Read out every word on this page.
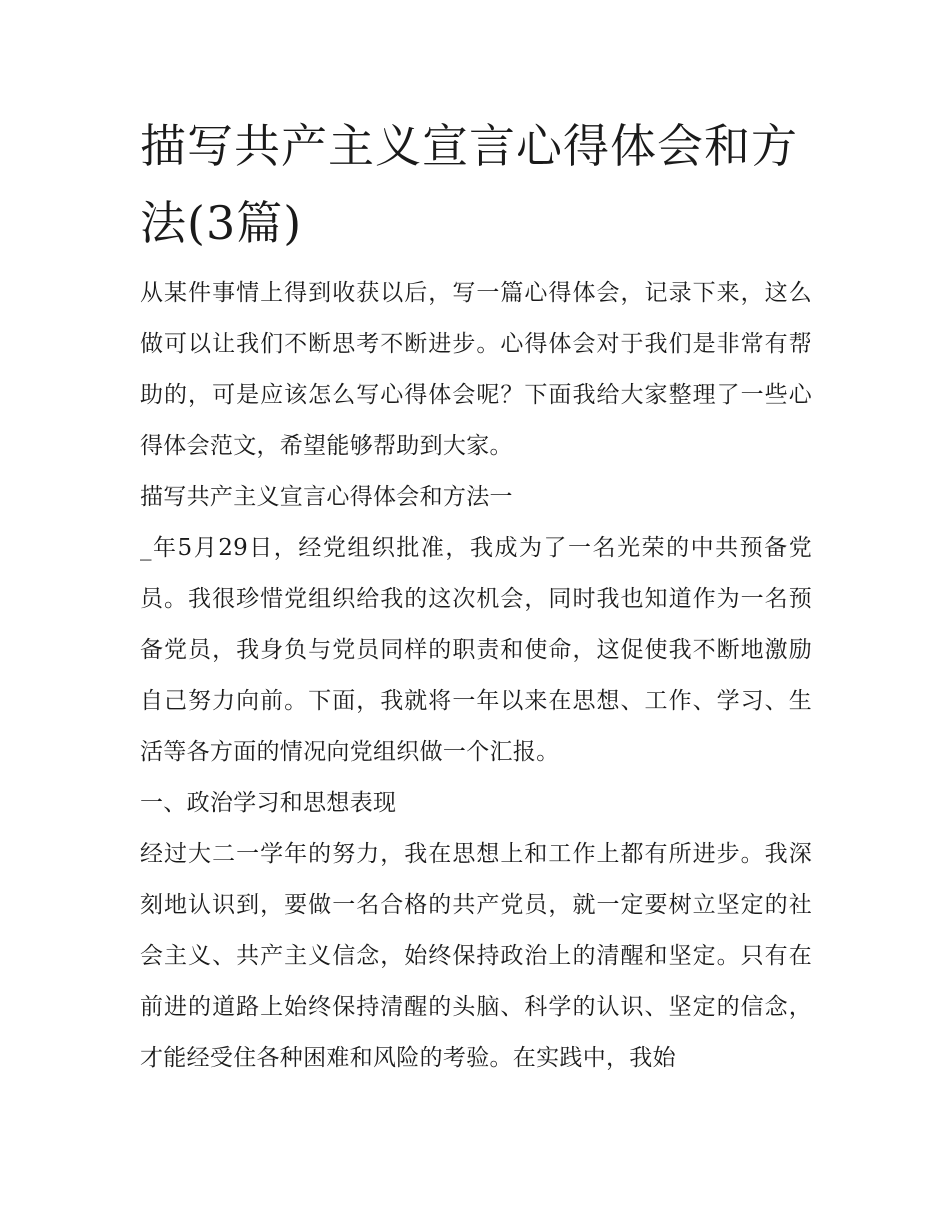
描写共产主义宣言心得体会和方法(3篇)

从某件事情上得到收获以后，写一篇心得体会，记录下来，这么做可以让我们不断思考不断进步。心得体会对于我们是非常有帮助的，可是应该怎么写心得体会呢？下面我给大家整理了一些心得体会范文，希望能够帮助到大家。

描写共产主义宣言心得体会和方法一

_年5月29日，经党组织批准，我成为了一名光荣的中共预备党员。我很珍惜党组织给我的这次机会，同时我也知道作为一名预备党员，我身负与党员同样的职责和使命，这促使我不断地激励自己努力向前。下面，我就将一年以来在思想、工作、学习、生活等各方面的情况向党组织做一个汇报。

一、政治学习和思想表现

经过大二一学年的努力，我在思想上和工作上都有所进步。我深刻地认识到，要做一名合格的共产党员，就一定要树立坚定的社会主义、共产主义信念，始终保持政治上的清醒和坚定。只有在前进的道路上始终保持清醒的头脑、科学的认识、坚定的信念，才能经受住各种困难和风险的考验。在实践中，我始
